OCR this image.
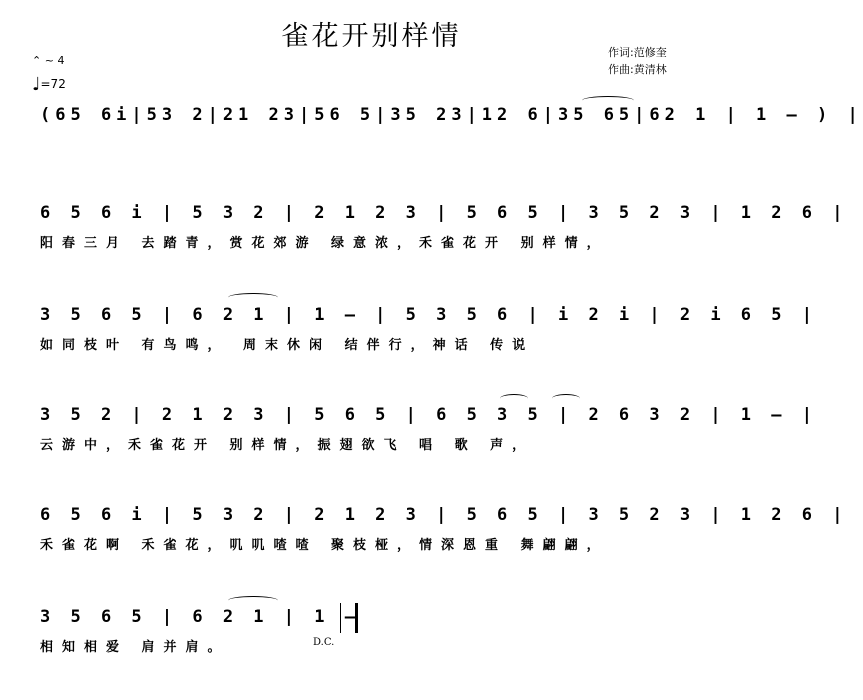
雀花开别样情
作词:范修奎
作曲:黄清林
⌃ ~ 4
♩=72
(65 6i|53 2|21 23|56 5|35 23|12 6|35 65|62 1 | 1 – ) |
6 5 6 i | 5 3 2 | 2 1 2 3 | 5 6 5 | 3 5 2 3 | 1 2 6 |
阳春三月 去踏青，赏花郊游 绿意浓，禾雀花开 别样情，
3 5 6 5 | 6 2 1 | 1 – | 5 3 5 6 | i 2 i | 2 i 6 5 |
如同枝叶 有鸟鸣， 周末休闲 结伴行，神话 传说
3 5 2 | 2 1 2 3 | 5 6 5 | 6 5 3 5 | 2 6 3 2 | 1 – |
云游中，禾雀花开 别样情，振翅欲飞 唱 歌 声，
6 5 6 i | 5 3 2 | 2 1 2 3 | 5 6 5 | 3 5 2 3 | 1 2 6 |
禾雀花啊 禾雀花，叽叽喳喳 聚枝桠，情深恩重 舞翩翩，
3 5 6 5 | 6 2 1 | 1 –
相知相爱 肩并肩。	D.C.
